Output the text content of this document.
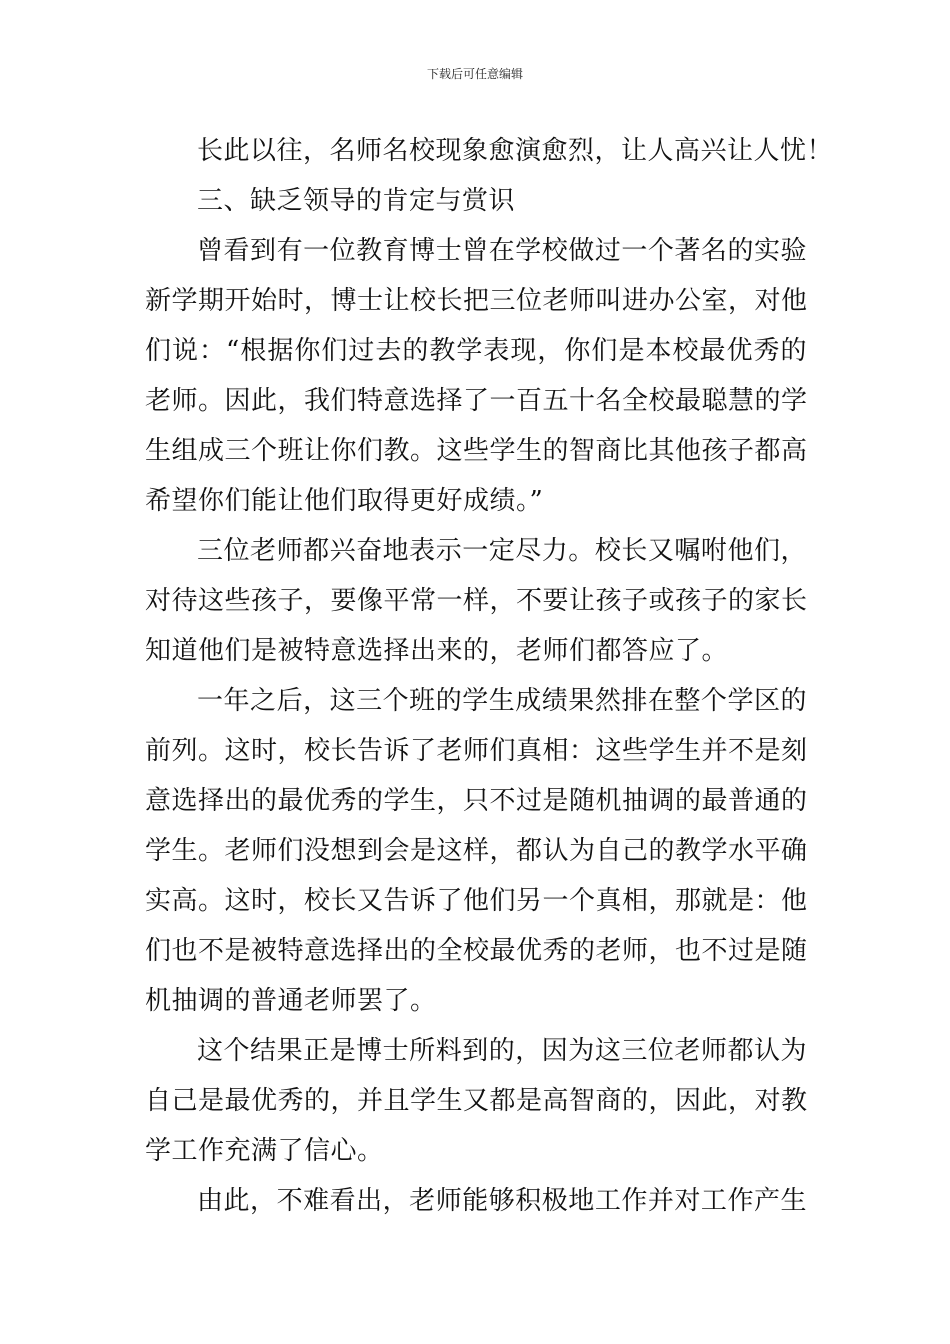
下载后可任意编辑
长此以往，名师名校现象愈演愈烈，让人高兴让人忧！
三、缺乏领导的肯定与赏识
曾看到有一位教育博士曾在学校做过一个著名的实验
新学期开始时，博士让校长把三位老师叫进办公室，对他
们说：“根据你们过去的教学表现，你们是本校最优秀的
老师。因此，我们特意选择了一百五十名全校最聪慧的学
生组成三个班让你们教。这些学生的智商比其他孩子都高
希望你们能让他们取得更好成绩。”
三位老师都兴奋地表示一定尽力。校长又嘱咐他们，
对待这些孩子，要像平常一样，不要让孩子或孩子的家长
知道他们是被特意选择出来的，老师们都答应了。
一年之后，这三个班的学生成绩果然排在整个学区的
前列。这时，校长告诉了老师们真相：这些学生并不是刻
意选择出的最优秀的学生，只不过是随机抽调的最普通的
学生。老师们没想到会是这样，都认为自己的教学水平确
实高。这时，校长又告诉了他们另一个真相，那就是：他
们也不是被特意选择出的全校最优秀的老师，也不过是随
机抽调的普通老师罢了。
这个结果正是博士所料到的，因为这三位老师都认为
自己是最优秀的，并且学生又都是高智商的，因此，对教
学工作充满了信心。
由此，不难看出，老师能够积极地工作并对工作产生
